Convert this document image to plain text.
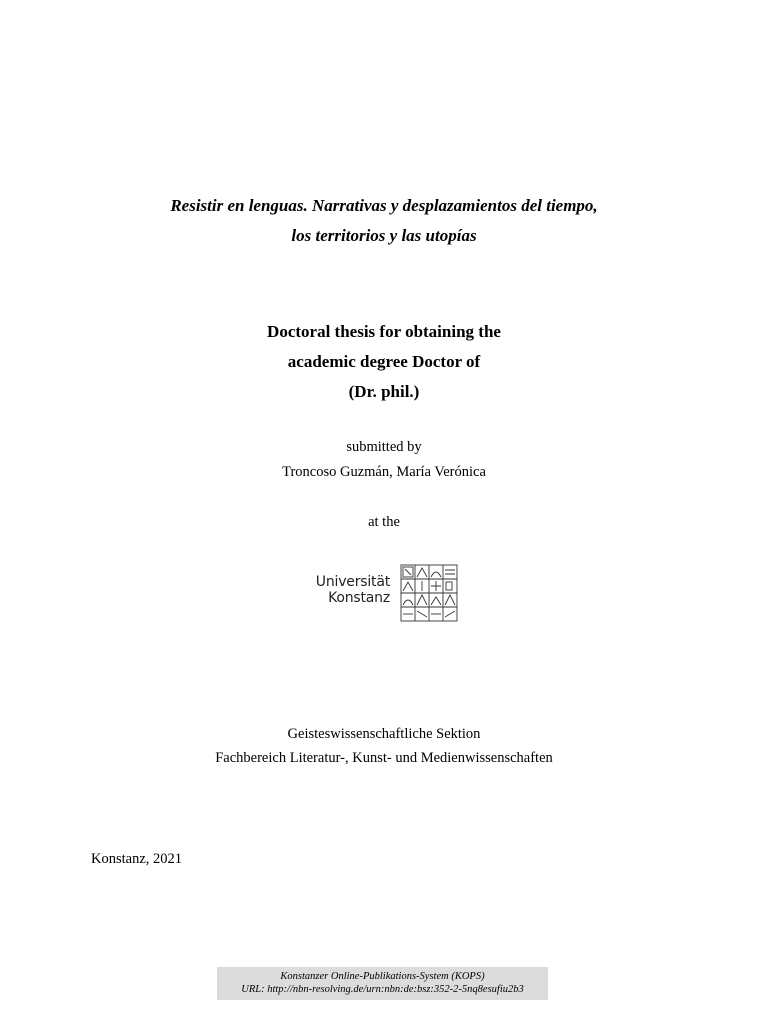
Resistir en lenguas. Narrativas y desplazamientos del tiempo,
los territorios y las utopías
Doctoral thesis for obtaining the
academic degree Doctor of
(Dr. phil.)
submitted by
Troncoso Guzmán, María Verónica
at the
Universität
Konstanz
Geisteswissenschaftliche Sektion
Fachbereich Literatur-, Kunst- und Medienwissenschaften
Konstanz, 2021
Konstanzer Online-Publikations-System (KOPS)
URL: http://nbn-resolving.de/urn:nbn:de:bsz:352-2-5nq8esufiu2b3
